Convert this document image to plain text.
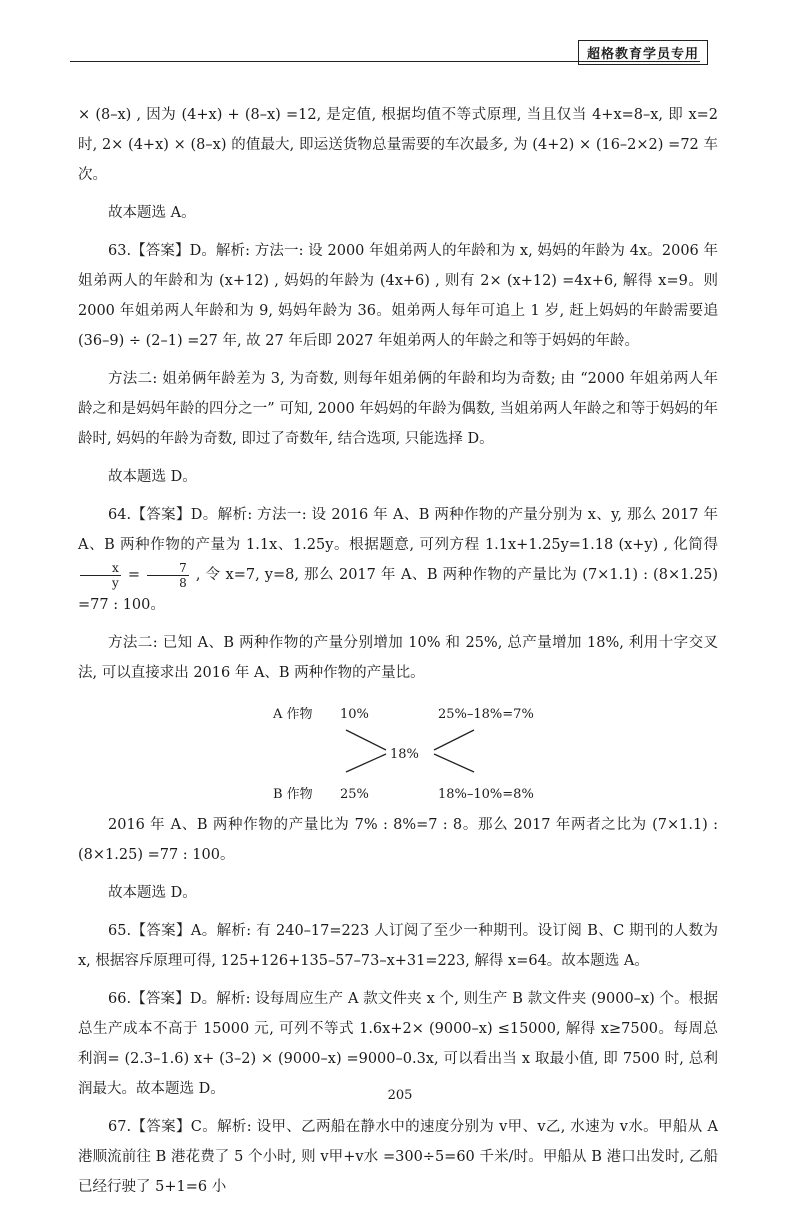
超格教育学员专用

× (8–x) , 因为 (4+x) + (8–x) =12, 是定值, 根据均值不等式原理, 当且仅当 4+x=8–x, 即 x=2 时, 2× (4+x) × (8–x) 的值最大, 即运送货物总量需要的车次最多, 为 (4+2) × (16–2×2) =72 车次。

故本题选 A。

63.【答案】D。解析: 方法一: 设 2000 年姐弟两人的年龄和为 x, 妈妈的年龄为 4x。2006 年姐弟两人的年龄和为 (x+12) , 妈妈的年龄为 (4x+6) , 则有 2× (x+12) =4x+6, 解得 x=9。则 2000 年姐弟两人年龄和为 9, 妈妈年龄为 36。姐弟两人每年可追上 1 岁, 赶上妈妈的年龄需要追 (36–9) ÷ (2–1) =27 年, 故 27 年后即 2027 年姐弟两人的年龄之和等于妈妈的年龄。

方法二: 姐弟俩年龄差为 3, 为奇数, 则每年姐弟俩的年龄和均为奇数; 由 “2000 年姐弟两人年龄之和是妈妈年龄的四分之一” 可知, 2000 年妈妈的年龄为偶数, 当姐弟两人年龄之和等于妈妈的年龄时, 妈妈的年龄为奇数, 即过了奇数年, 结合选项, 只能选择 D。

故本题选 D。

64.【答案】D。解析: 方法一: 设 2016 年 A、B 两种作物的产量分别为 x、y, 那么 2017 年 A、B 两种作物的产量为 1.1x、1.25y。根据题意, 可列方程 1.1x+1.25y=1.18 (x+y) , 化简得
$\frac{x}{y} = \frac{7}{8}$ , 令 x=7, y=8, 那么 2017 年 A、B 两种作物的产量比为 (7×1.1) : (8×1.25) =77 : 100。

方法二: 已知 A、B 两种作物的产量分别增加 10% 和 25%, 总产量增加 18%, 利用十字交叉法, 可以直接求出 2016 年 A、B 两种作物的产量比。

A 作物 10%	25%–18%=7%
18%
B 作物 25%	18%–10%=8%

2016 年 A、B 两种作物的产量比为 7% : 8%=7 : 8。那么 2017 年两者之比为 (7×1.1) : (8×1.25) =77 : 100。

故本题选 D。

65.【答案】A。解析: 有 240–17=223 人订阅了至少一种期刊。设订阅 B、C 期刊的人数为 x, 根据容斥原理可得, 125+126+135–57–73–x+31=223, 解得 x=64。故本题选 A。

66.【答案】D。解析: 设每周应生产 A 款文件夹 x 个, 则生产 B 款文件夹 (9000–x) 个。根据总生产成本不高于 15000 元, 可列不等式 1.6x+2× (9000–x) ≤15000, 解得 x≥7500。每周总利润= (2.3–1.6) x+ (3–2) × (9000–x) =9000–0.3x, 可以看出当 x 取最小值, 即 7500 时, 总利润最大。故本题选 D。

67.【答案】C。解析: 设甲、乙两船在静水中的速度分别为 v甲、v乙, 水速为 v水。甲船从 A 港顺流前往 B 港花费了 5 个小时, 则 v甲+v水 =300÷5=60 千米/时。甲船从 B 港口出发时, 乙船已经行驶了 5+1=6 小

205
